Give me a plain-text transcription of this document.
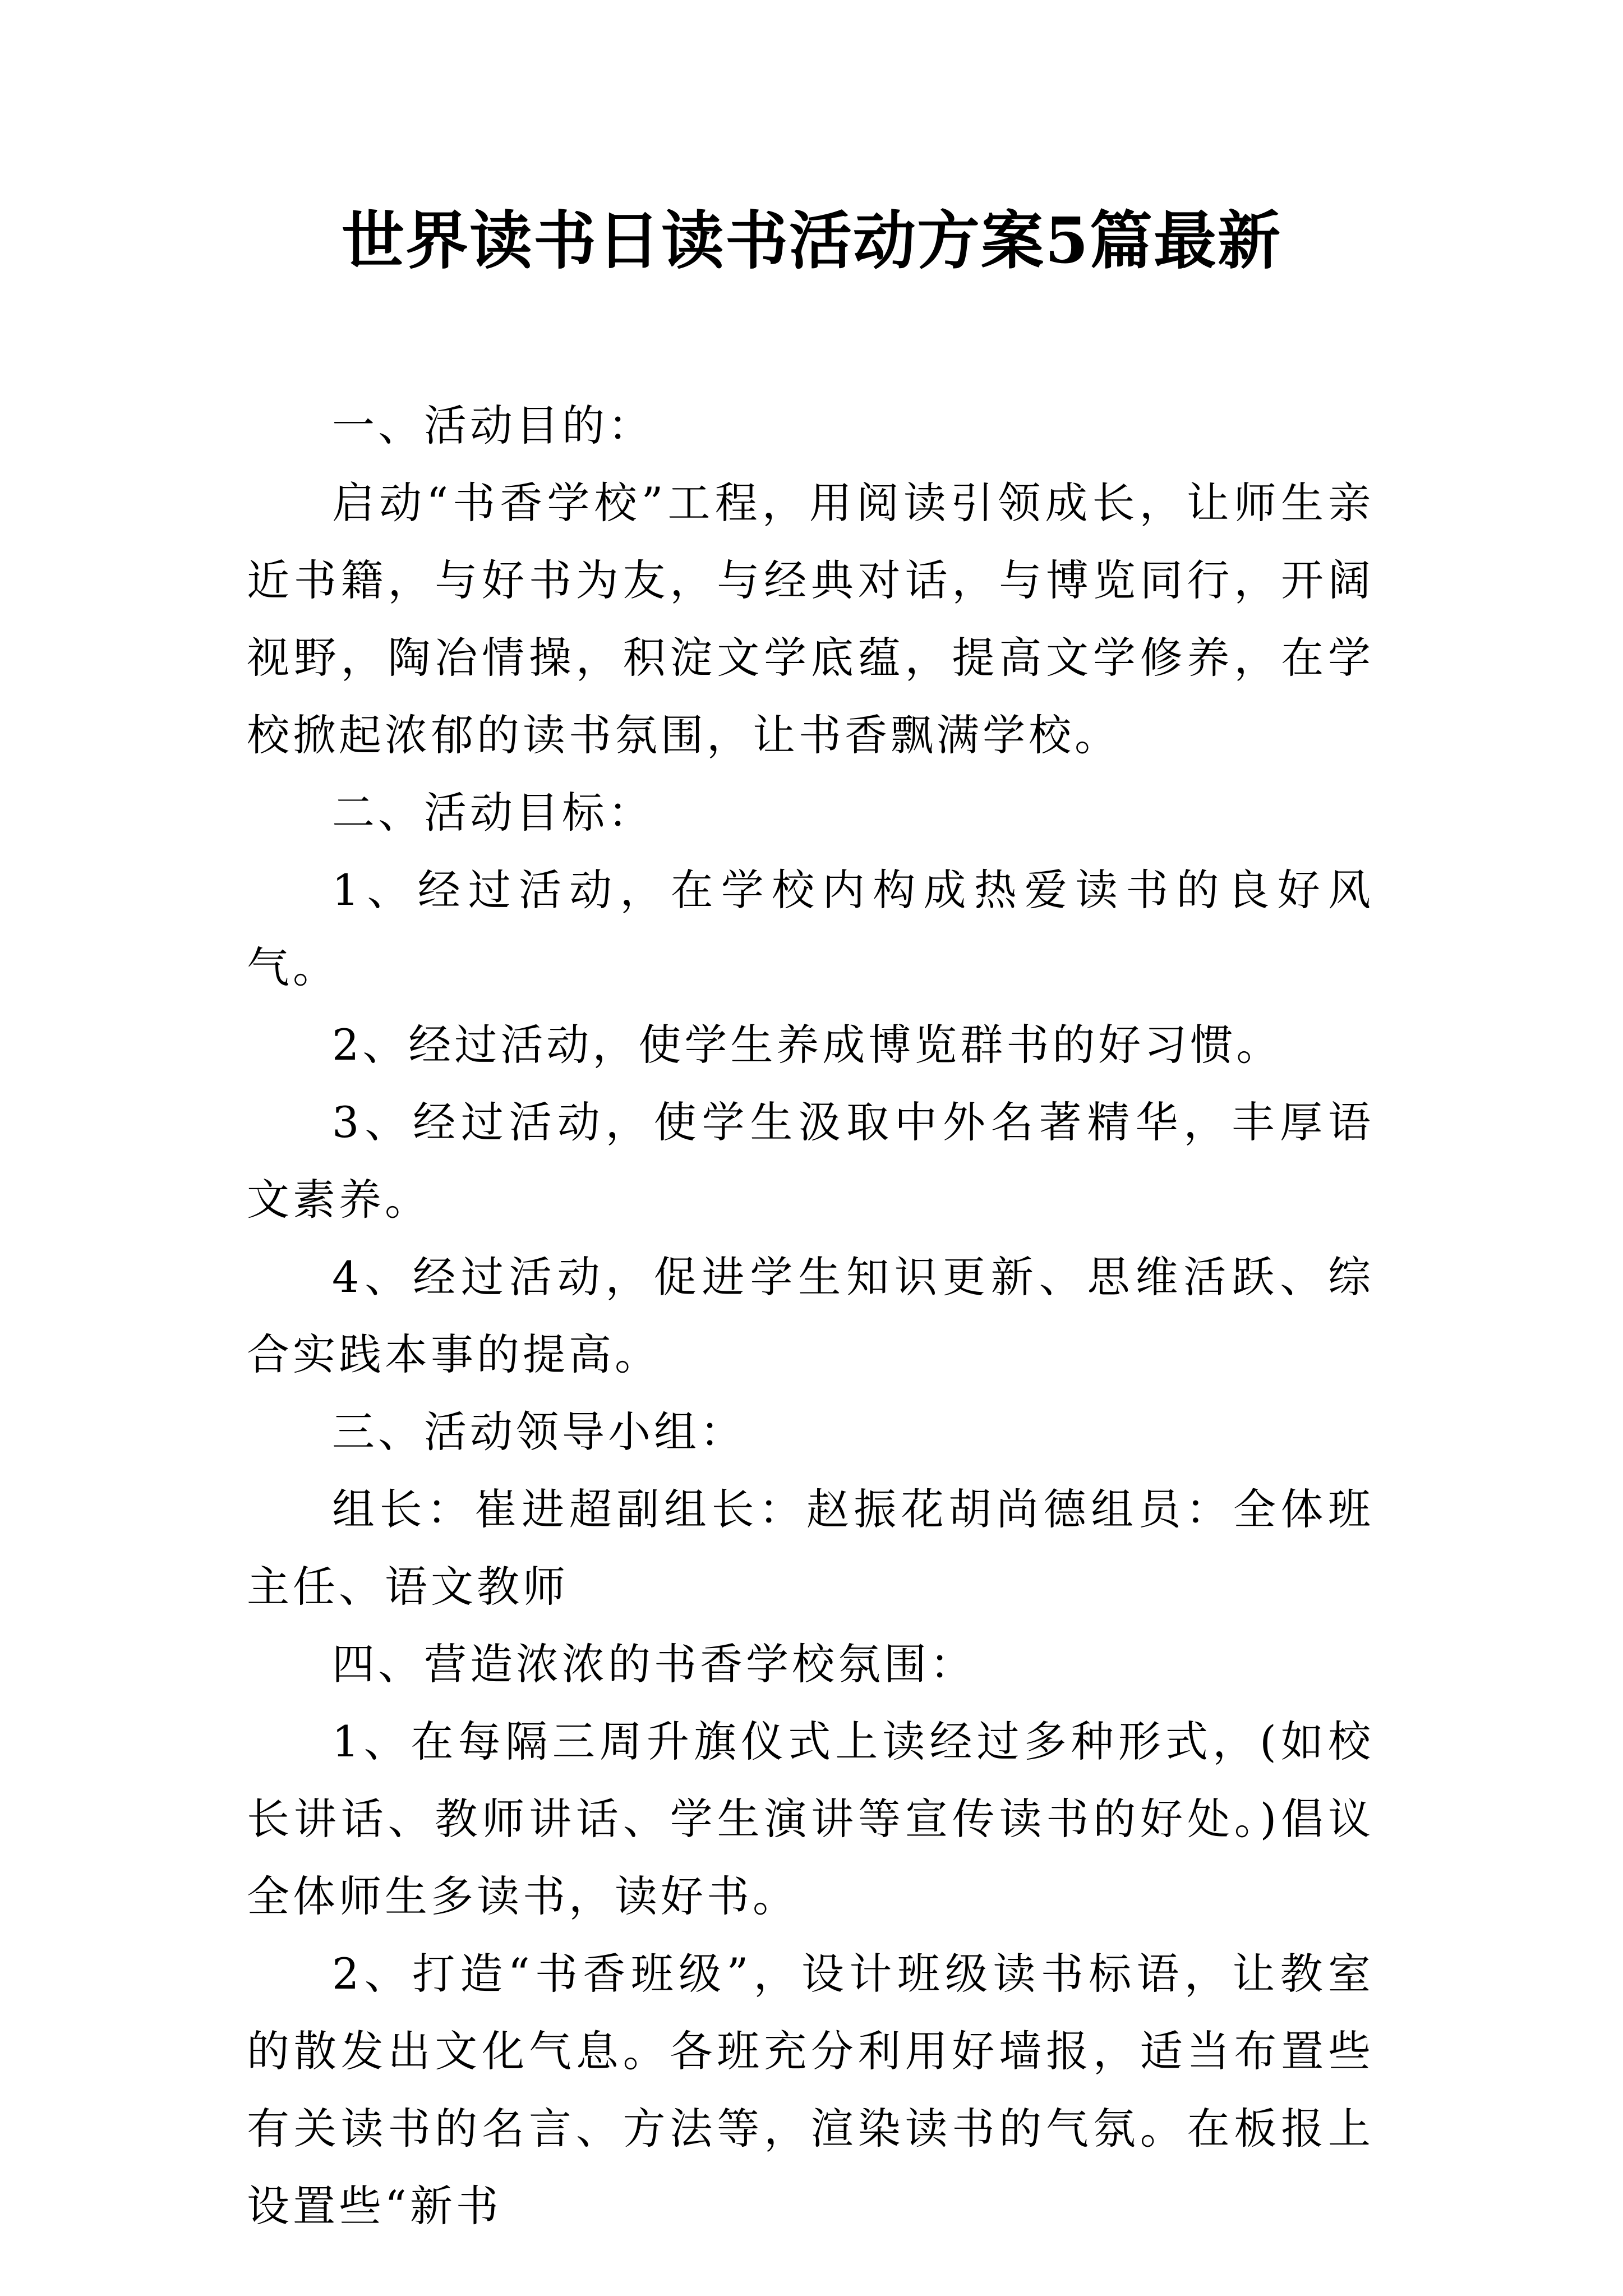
世界读书日读书活动方案5篇最新

一、活动目的：

启动“书香学校”工程，用阅读引领成长，让师生亲近书籍，与好书为友，与经典对话，与博览同行，开阔视野，陶冶情操，积淀文学底蕴，提高文学修养，在学校掀起浓郁的读书氛围，让书香飘满学校。

二、活动目标：

1、经过活动，在学校内构成热爱读书的良好风气。

2、经过活动，使学生养成博览群书的好习惯。

3、经过活动，使学生汲取中外名著精华，丰厚语文素养。

4、经过活动，促进学生知识更新、思维活跃、综合实践本事的提高。

三、活动领导小组：

组长：崔进超副组长：赵振花胡尚德组员：全体班主任、语文教师

四、营造浓浓的书香学校氛围：

1、在每隔三周升旗仪式上读经过多种形式，(如校长讲话、教师讲话、学生演讲等宣传读书的好处。)倡议全体师生多读书，读好书。

2、打造“书香班级”，设计班级读书标语，让教室的散发出文化气息。各班充分利用好墙报，适当布置些有关读书的名言、方法等，渲染读书的气氛。在板报上设置些“新书
